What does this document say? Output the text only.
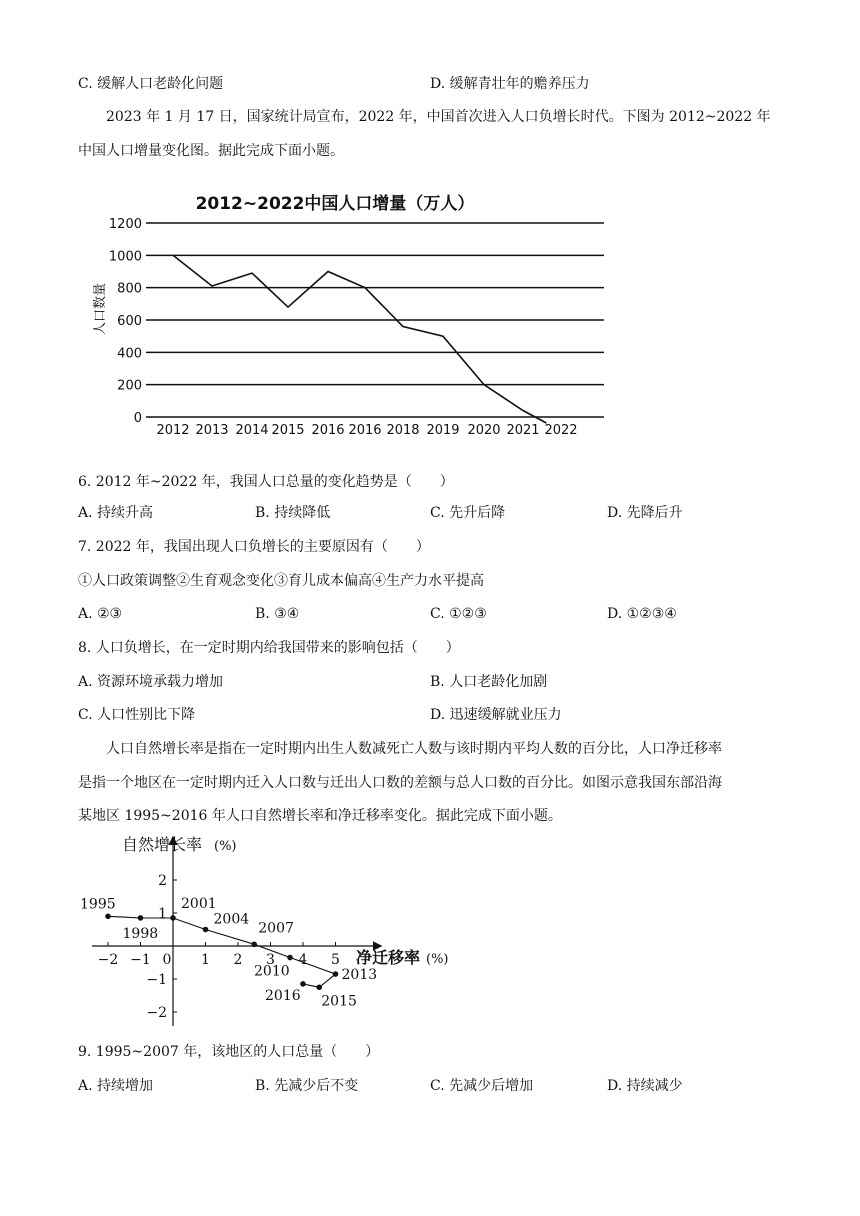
C. 缓解人口老龄化问题	D. 缓解青壮年的赡养压力
2023 年 1 月 17 日，国家统计局宣布，2022 年，中国首次进入人口负增长时代。下图为 2012~2022 年
中国人口增量变化图。据此完成下面小题。
2012~2022中国人口增量（万人）
人口数量
0
200
400
600
800
1000
1200
2012 2013 2014 2015 2016 2016 2018 2019 2020 2021 2022
6. 2012 年~2022 年，我国人口总量的变化趋势是（　　）
A. 持续升高	B. 持续降低	C. 先升后降	D. 先降后升
7. 2022 年，我国出现人口负增长的主要原因有（　　）
①人口政策调整②生育观念变化③育儿成本偏高④生产力水平提高
A. ②③	B. ③④	C. ①②③	D. ①②③④
8. 人口负增长，在一定时期内给我国带来的影响包括（　　）
A. 资源环境承载力增加	B. 人口老龄化加剧
C. 人口性别比下降	D. 迅速缓解就业压力
人口自然增长率是指在一定时期内出生人数减死亡人数与该时期内平均人数的百分比，人口净迁移率
是指一个地区在一定时期内迁入人口数与迁出人口数的差额与总人口数的百分比。如图示意我国东部沿海
某地区 1995~2016 年人口自然增长率和净迁移率变化。据此完成下面小题。
自然增长率 (%)
净迁移率 (%)
−2 −1 0 1 2 3 4 5
2
1
−1
−2
1995
1998
2001
2004
2007
2010	2013
2015
2016
9. 1995~2007 年，该地区的人口总量（　　）
A. 持续增加	B. 先减少后不变	C. 先减少后增加	D. 持续减少
